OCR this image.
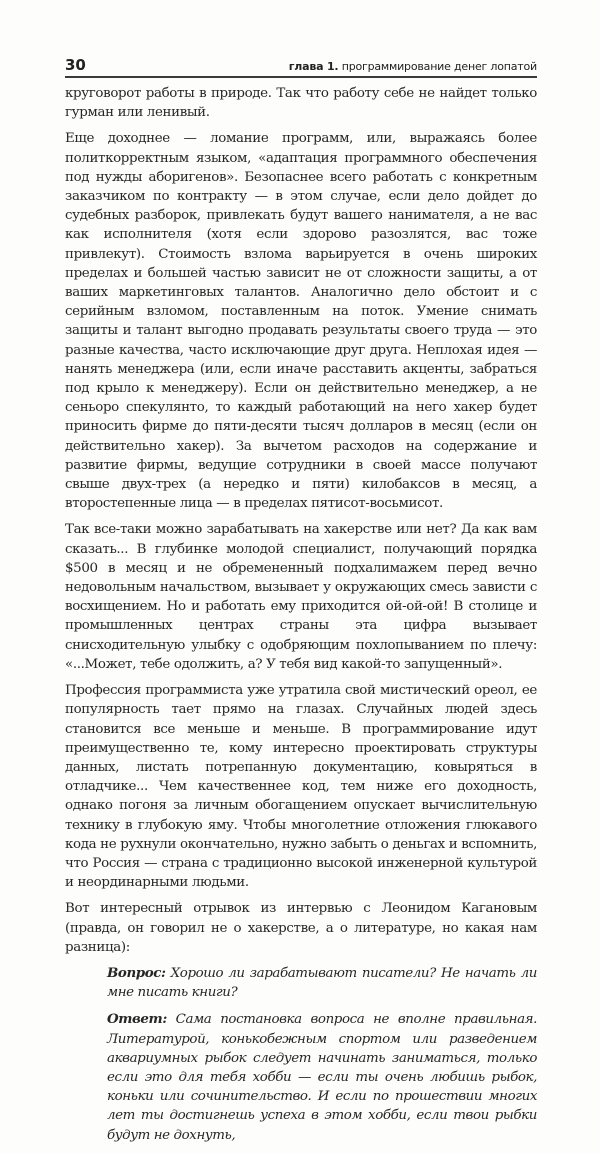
30	глава 1. программирование денег лопатой

круговорот работы в природе. Так что работу себе не найдет только гурман или ленивый.

Еще доходнее — ломание программ, или, выражаясь более политкорректным языком, «адаптация программного обеспечения под нужды аборигенов». Безопаснее всего работать с конкретным заказчиком по контракту — в этом случае, если дело дойдет до судебных разборок, привлекать будут вашего нанимателя, а не вас как исполнителя (хотя если здорово разозлятся, вас тоже привлекут). Стоимость взлома варьируется в очень широких пределах и большей частью зависит не от сложности защиты, а от ваших маркетинговых талантов. Аналогично дело обстоит и с серийным взломом, поставленным на поток. Умение снимать защиты и талант выгодно продавать результаты своего труда — это разные качества, часто исключающие друг друга. Неплохая идея — нанять менеджера (или, если иначе расставить акценты, забраться под крыло к менеджеру). Если он действительно менеджер, а не сеньоро спекулянто, то каждый работающий на него хакер будет приносить фирме до пяти-десяти тысяч долларов в месяц (если он действительно хакер). За вычетом расходов на содержание и развитие фирмы, ведущие сотрудники в своей массе получают свыше двух-трех (а нередко и пяти) килобаксов в месяц, а второстепенные лица — в пределах пятисот-восьмисот.

Так все-таки можно зарабатывать на хакерстве или нет? Да как вам сказать... В глубинке молодой специалист, получающий порядка $500 в месяц и не обремененный подхалимажем перед вечно недовольным начальством, вызывает у окружающих смесь зависти с восхищением. Но и работать ему приходится ой-ой-ой! В столице и промышленных центрах страны эта цифра вызывает снисходительную улыбку с одобряющим похлопыванием по плечу: «...Может, тебе одолжить, а? У тебя вид какой-то запущенный».

Профессия программиста уже утратила свой мистический ореол, ее популярность тает прямо на глазах. Случайных людей здесь становится все меньше и меньше. В программирование идут преимущественно те, кому интересно проектировать структуры данных, листать потрепанную документацию, ковыряться в отладчике... Чем качественнее код, тем ниже его доходность, однако погоня за личным обогащением опускает вычислительную технику в глубокую яму. Чтобы многолетние отложения глюкавого кода не рухнули окончательно, нужно забыть о деньгах и вспомнить, что Россия — страна с традиционно высокой инженерной культурой и неординарными людьми.

Вот интересный отрывок из интервью с Леонидом Кагановым (правда, он говорил не о хакерстве, а о литературе, но какая нам разница):

Вопрос: Хорошо ли зарабатывают писатели? Не начать ли мне писать книги?

Ответ: Сама постановка вопроса не вполне правильная. Литературой, конькобежным спортом или разведением аквариумных рыбок следует начинать заниматься, только если это для тебя хобби — если ты очень любишь рыбок, коньки или сочинительство. И если по прошествии многих лет ты достигнешь успеха в этом хобби, если твои рыбки будут не дохнуть,
